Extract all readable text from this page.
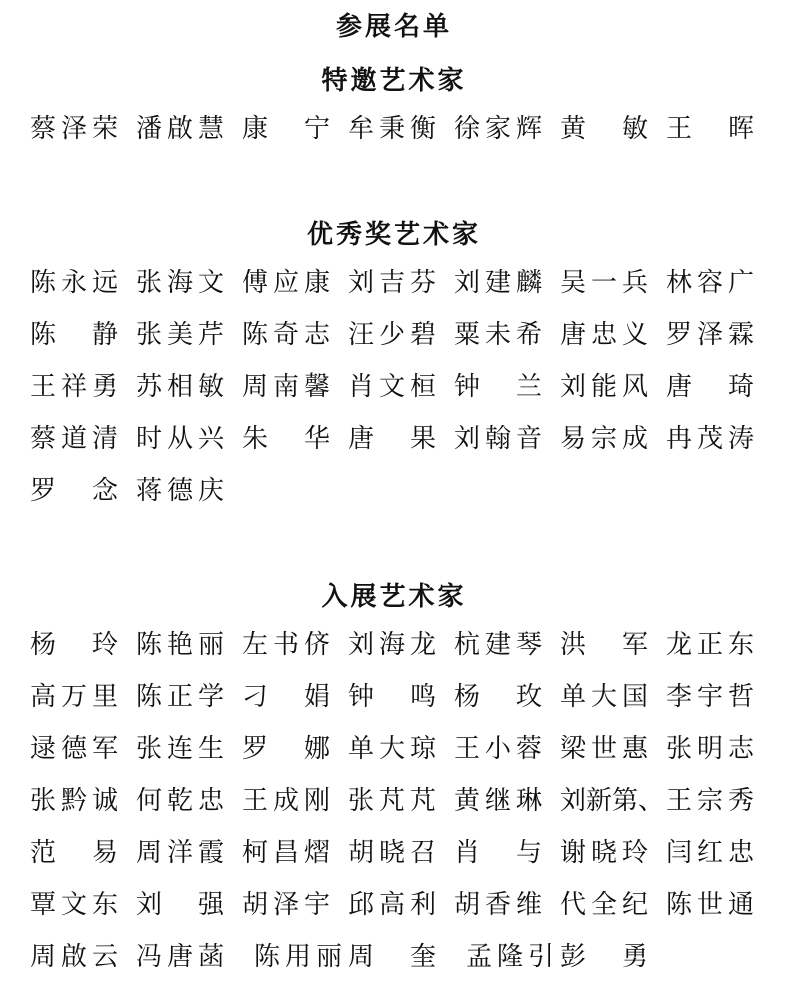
参展名单
特邀艺术家
蔡 泽 荣 潘 啟 慧 康 宁 牟 秉 衡 徐 家 辉 黄 敏 王 晖
优秀奖艺术家
陈 永 远 张 海 文 傅 应 康 刘 吉 芬 刘 建 麟 吴 一 兵 林 容 广
陈 静 张 美 芹 陈 奇 志 汪 少 碧 粟 未 希 唐 忠 义 罗 泽 霖
王 祥 勇 苏 相 敏 周 南 馨 肖 文 桓 钟 兰 刘 能 风 唐 琦
蔡 道 清 时 从 兴 朱 华 唐 果 刘 翰 音 易 宗 成 冉 茂 涛
罗 念 蒋 德 庆
入展艺术家
杨 玲 陈 艳 丽 左 书 侪 刘 海 龙 杭 建 琴 洪 军 龙 正 东
高 万 里 陈 正 学 刁 娟 钟 鸣 杨 玫 单 大 国 李 宇 哲
逯 德 军 张 连 生 罗 娜 单 大 琼 王 小 蓉 梁 世 惠 张 明 志
张 黔 诚 何 乾 忠 王 成 刚 张 芃 芃 黄 继 琳 刘 新 第 、 王 宗 秀
范 易 周 洋 霞 柯 昌 熠 胡 晓 召 肖 与 谢 晓 玲 闫 红 忠
覃 文 东 刘 强 胡 泽 宇 邱 高 利 胡 香 维 代 全 纪 陈 世 通
周 啟 云 冯 唐 菡 陈 用 丽 周 奎 孟 隆 引 彭 勇
